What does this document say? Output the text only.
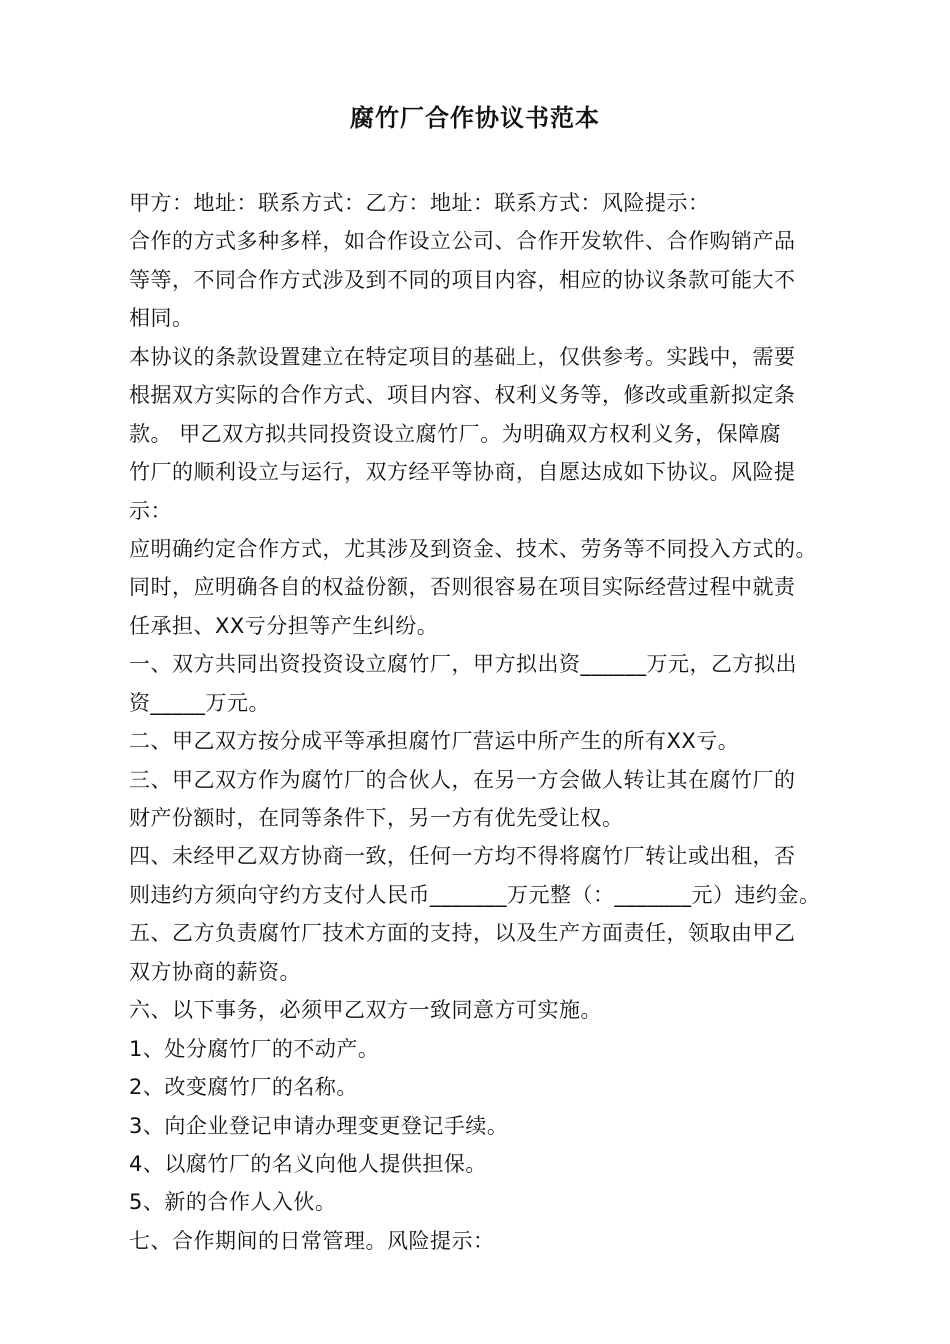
腐竹厂合作协议书范本
甲方：地址：联系方式：乙方：地址：联系方式：风险提示：
合作的方式多种多样，如合作设立公司、合作开发软件、合作购销产品
等等，不同合作方式涉及到不同的项目内容，相应的协议条款可能大不
相同。
本协议的条款设置建立在特定项目的基础上，仅供参考。实践中，需要
根据双方实际的合作方式、项目内容、权利义务等，修改或重新拟定条
款。 甲乙双方拟共同投资设立腐竹厂。为明确双方权利义务，保障腐
竹厂的顺利设立与运行，双方经平等协商，自愿达成如下协议。风险提
示：
应明确约定合作方式，尤其涉及到资金、技术、劳务等不同投入方式的。
同时，应明确各自的权益份额，否则很容易在项目实际经营过程中就责
任承担、XX亏分担等产生纠纷。
一、双方共同出资投资设立腐竹厂，甲方拟出资______万元，乙方拟出
资_____万元。
二、甲乙双方按分成平等承担腐竹厂营运中所产生的所有XX亏。
三、甲乙双方作为腐竹厂的合伙人，在另一方会做人转让其在腐竹厂的
财产份额时，在同等条件下，另一方有优先受让权。
四、未经甲乙双方协商一致，任何一方均不得将腐竹厂转让或出租，否
则违约方须向守约方支付人民币_______万元整（：_______元）违约金。
五、乙方负责腐竹厂技术方面的支持，以及生产方面责任，领取由甲乙
双方协商的薪资。
六、以下事务，必须甲乙双方一致同意方可实施。
1、处分腐竹厂的不动产。
2、改变腐竹厂的名称。
3、向企业登记申请办理变更登记手续。
4、以腐竹厂的名义向他人提供担保。
5、新的合作人入伙。
七、合作期间的日常管理。风险提示：
